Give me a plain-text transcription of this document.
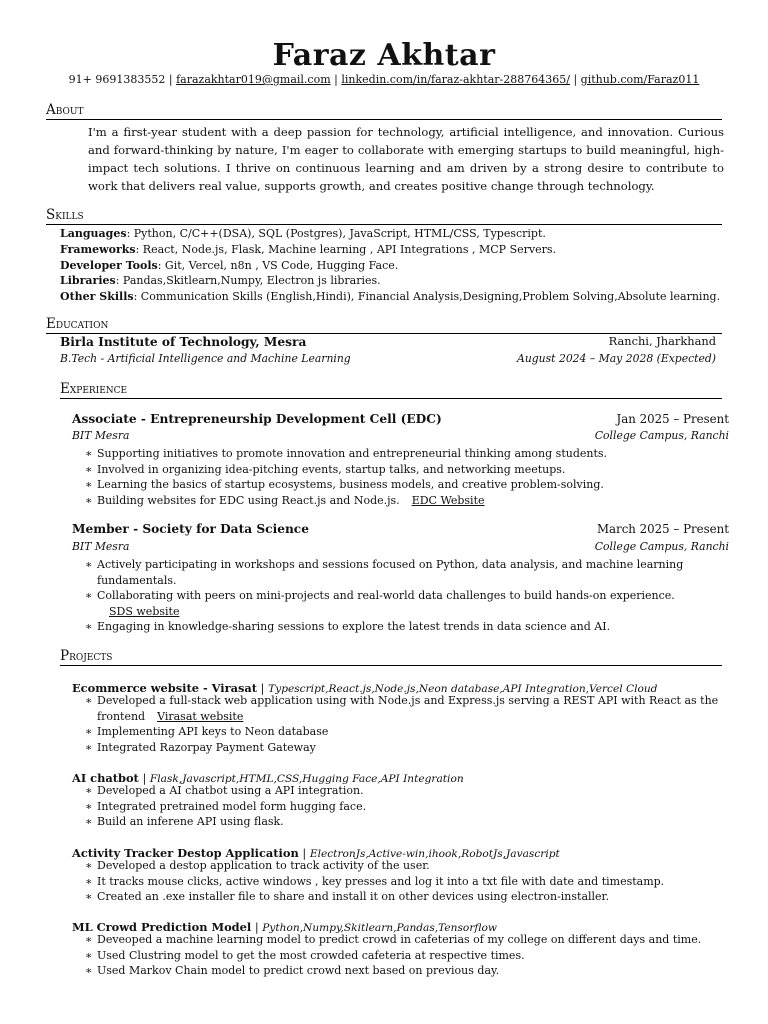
Faraz Akhtar
91+ 9691383552 | farazakhtar019@gmail.com | linkedin.com/in/faraz-akhtar-288764365/ | github.com/Faraz011
About
I'm a first-year student with a deep passion for technology, artificial intelligence, and innovation. Curious and forward-thinking by nature, I'm eager to collaborate with emerging startups to build meaningful, high-impact tech solutions. I thrive on continuous learning and am driven by a strong desire to contribute to work that delivers real value, supports growth, and creates positive change through technology.
Skills
Languages: Python, C/C++(DSA), SQL (Postgres), JavaScript, HTML/CSS, Typescript.
Frameworks: React, Node.js, Flask, Machine learning , API Integrations , MCP Servers.
Developer Tools: Git, Vercel, n8n , VS Code, Hugging Face.
Libraries: Pandas,Skitlearn,Numpy, Electron js libraries.
Other Skills: Communication Skills (English,Hindi), Financial Analysis,Designing,Problem Solving,Absolute learning.
Education
Birla Institute of Technology, Mesra	Ranchi, Jharkhand
B.Tech - Artificial Intelligence and Machine Learning	August 2024 – May 2028 (Expected)
Experience
Associate - Entrepreneurship Development Cell (EDC)	Jan 2025 – Present
BIT Mesra	College Campus, Ranchi
∗ Supporting initiatives to promote innovation and entrepreneurial thinking among students.
∗ Involved in organizing idea-pitching events, startup talks, and networking meetups.
∗ Learning the basics of startup ecosystems, business models, and creative problem-solving.
∗ Building websites for EDC using React.js and Node.js. EDC Website
Member - Society for Data Science	March 2025 – Present
BIT Mesra	College Campus, Ranchi
∗ Actively participating in workshops and sessions focused on Python, data analysis, and machine learning fundamentals.
∗ Collaborating with peers on mini-projects and real-world data challenges to build hands-on experience.
SDS website
∗ Engaging in knowledge-sharing sessions to explore the latest trends in data science and AI.
Projects
Ecommerce website - Virasat | Typescript,React.js,Node.js,Neon database,API Integration,Vercel Cloud
∗ Developed a full-stack web application using with Node.js and Express.js serving a REST API with React as the frontend Virasat website
∗ Implementing API keys to Neon database
∗ Integrated Razorpay Payment Gateway
AI chatbot | Flask,Javascript,HTML,CSS,Hugging Face,API Integration
∗ Developed a AI chatbot using a API integration.
∗ Integrated pretrained model form hugging face.
∗ Build an inferene API using flask.
Activity Tracker Destop Application | ElectronJs,Active-win,ihook,RobotJs,Javascript
∗ Developed a destop application to track activity of the user.
∗ It tracks mouse clicks, active windows , key presses and log it into a txt file with date and timestamp.
∗ Created an .exe installer file to share and install it on other devices using electron-installer.
ML Crowd Prediction Model | Python,Numpy,Skitlearn,Pandas,Tensorflow
∗ Deveoped a machine learning model to predict crowd in cafeterias of my college on different days and time.
∗ Used Clustring model to get the most crowded cafeteria at respective times.
∗ Used Markov Chain model to predict crowd next based on previous day.
